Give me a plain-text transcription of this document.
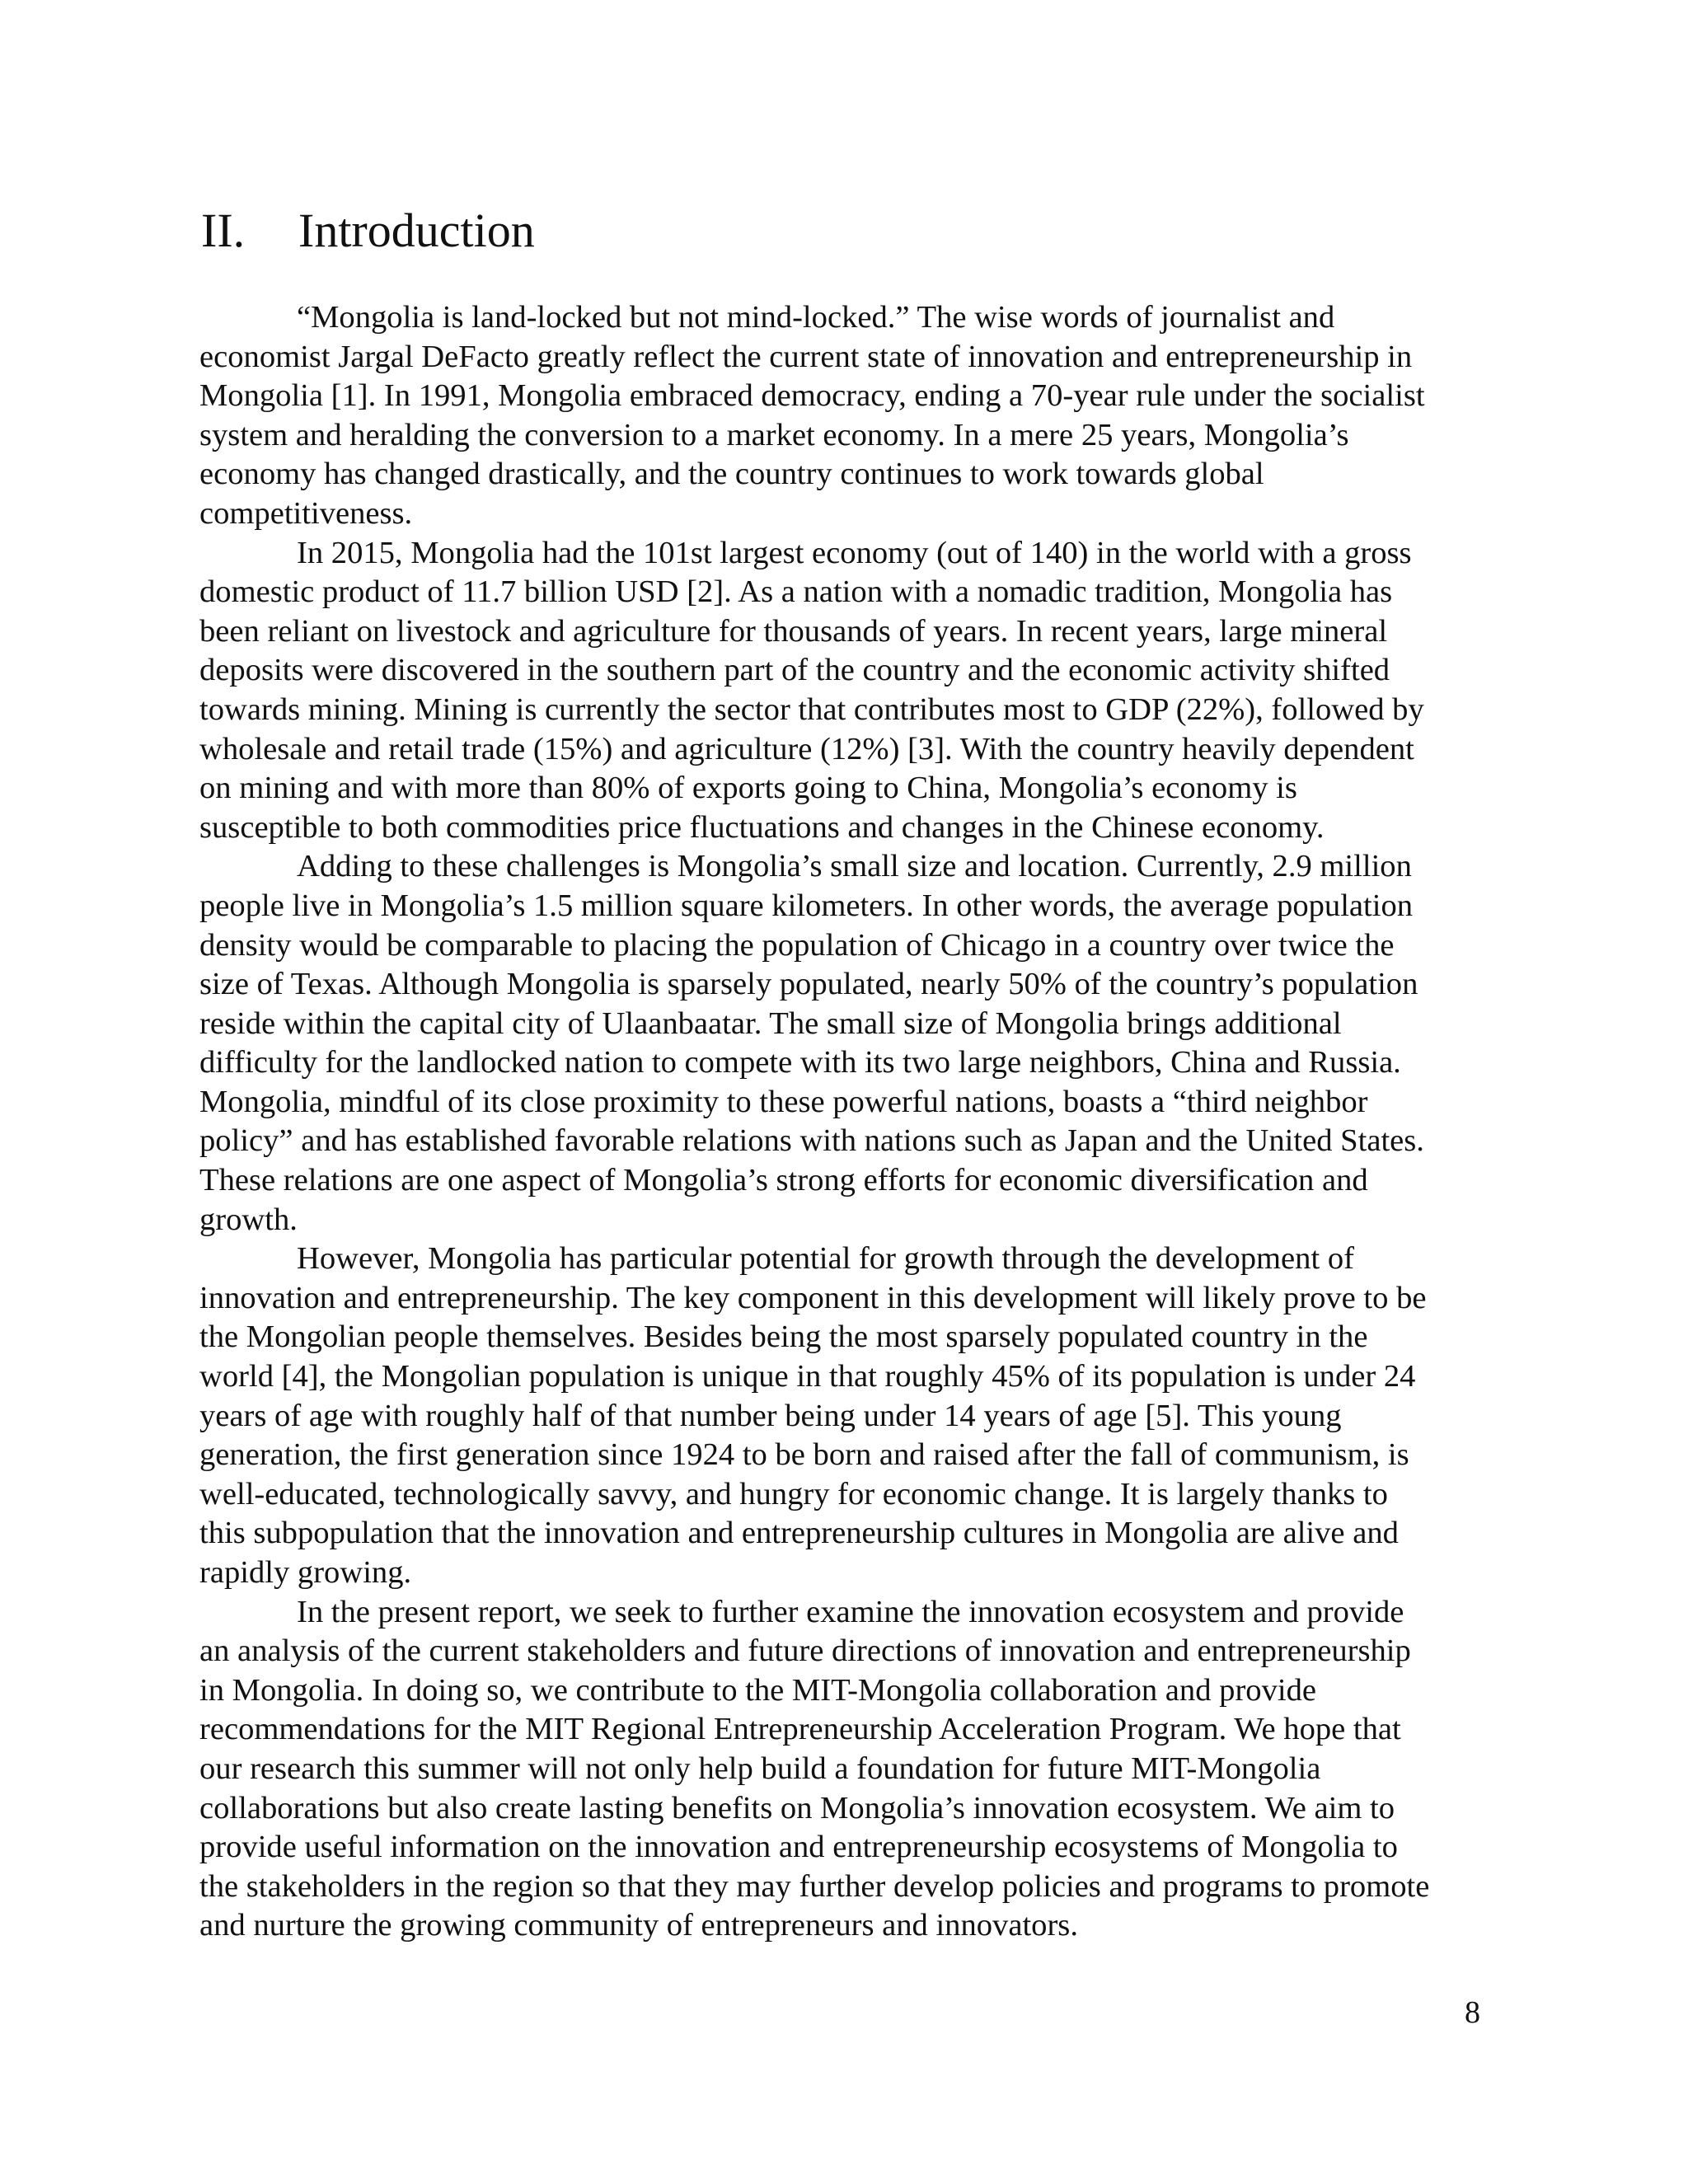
II. Introduction

“Mongolia is land-locked but not mind-locked.” The wise words of journalist and
economist Jargal DeFacto greatly reflect the current state of innovation and entrepreneurship in
Mongolia [1]. In 1991, Mongolia embraced democracy, ending a 70-year rule under the socialist
system and heralding the conversion to a market economy. In a mere 25 years, Mongolia’s
economy has changed drastically, and the country continues to work towards global
competitiveness.

In 2015, Mongolia had the 101st largest economy (out of 140) in the world with a gross
domestic product of 11.7 billion USD [2]. As a nation with a nomadic tradition, Mongolia has
been reliant on livestock and agriculture for thousands of years. In recent years, large mineral
deposits were discovered in the southern part of the country and the economic activity shifted
towards mining. Mining is currently the sector that contributes most to GDP (22%), followed by
wholesale and retail trade (15%) and agriculture (12%) [3]. With the country heavily dependent
on mining and with more than 80% of exports going to China, Mongolia’s economy is
susceptible to both commodities price fluctuations and changes in the Chinese economy.

Adding to these challenges is Mongolia’s small size and location. Currently, 2.9 million
people live in Mongolia’s 1.5 million square kilometers. In other words, the average population
density would be comparable to placing the population of Chicago in a country over twice the
size of Texas. Although Mongolia is sparsely populated, nearly 50% of the country’s population
reside within the capital city of Ulaanbaatar. The small size of Mongolia brings additional
difficulty for the landlocked nation to compete with its two large neighbors, China and Russia.
Mongolia, mindful of its close proximity to these powerful nations, boasts a “third neighbor
policy” and has established favorable relations with nations such as Japan and the United States.
These relations are one aspect of Mongolia’s strong efforts for economic diversification and
growth.

However, Mongolia has particular potential for growth through the development of
innovation and entrepreneurship. The key component in this development will likely prove to be
the Mongolian people themselves. Besides being the most sparsely populated country in the
world [4], the Mongolian population is unique in that roughly 45% of its population is under 24
years of age with roughly half of that number being under 14 years of age [5]. This young
generation, the first generation since 1924 to be born and raised after the fall of communism, is
well-educated, technologically savvy, and hungry for economic change. It is largely thanks to
this subpopulation that the innovation and entrepreneurship cultures in Mongolia are alive and
rapidly growing.

In the present report, we seek to further examine the innovation ecosystem and provide
an analysis of the current stakeholders and future directions of innovation and entrepreneurship
in Mongolia. In doing so, we contribute to the MIT-Mongolia collaboration and provide
recommendations for the MIT Regional Entrepreneurship Acceleration Program. We hope that
our research this summer will not only help build a foundation for future MIT-Mongolia
collaborations but also create lasting benefits on Mongolia’s innovation ecosystem. We aim to
provide useful information on the innovation and entrepreneurship ecosystems of Mongolia to
the stakeholders in the region so that they may further develop policies and programs to promote
and nurture the growing community of entrepreneurs and innovators.

8
